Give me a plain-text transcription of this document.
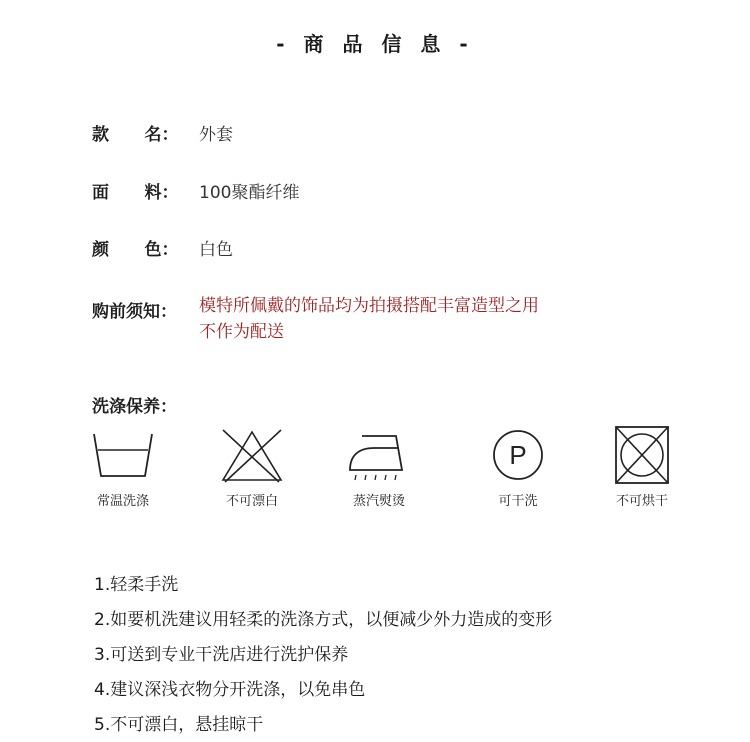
- 商 品 信 息 -
款      名： 外套
面      料： 100聚酯纤维
颜      色： 白色
购前须知： 模特所佩戴的饰品均为拍摄搭配丰富造型之用
不作为配送
洗涤保养：
常温洗涤	不可漂白	蒸汽熨烫
P
可干洗	不可烘干
1.轻柔手洗
2.如要机洗建议用轻柔的洗涤方式，以便减少外力造成的变形
3.可送到专业干洗店进行洗护保养
4.建议深浅衣物分开洗涤，以免串色
5.不可漂白，悬挂晾干
